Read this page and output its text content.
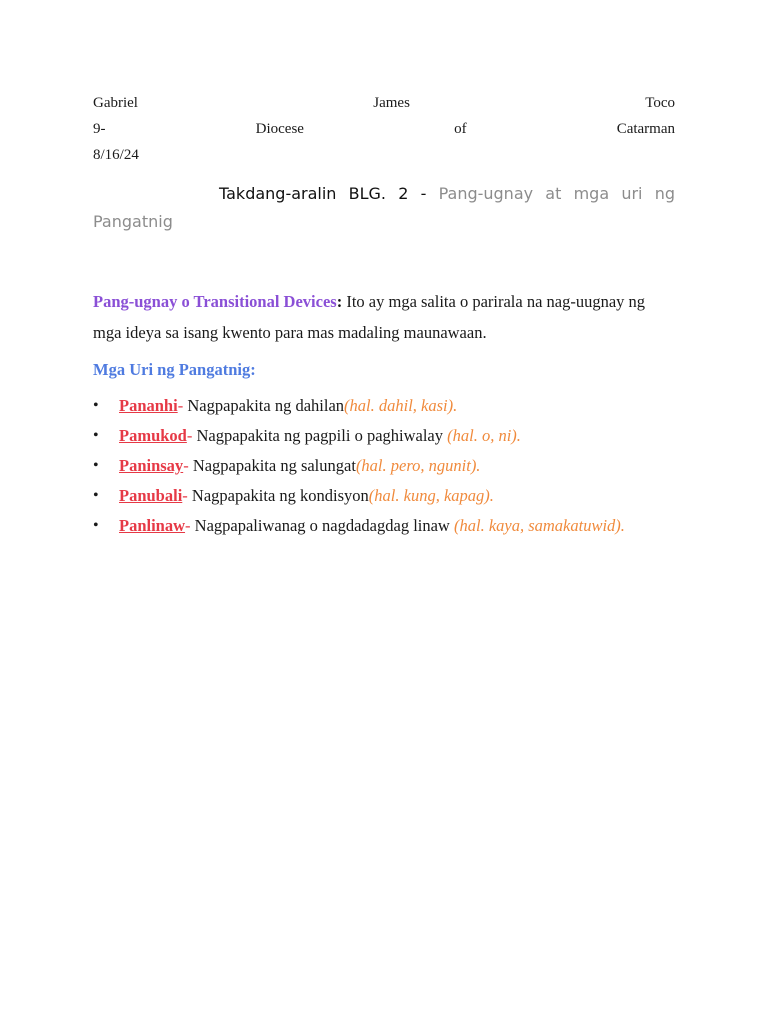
Gabriel	James	Toco
9-	Diocese	of	Catarman
8/16/24
Takdang-aralin BLG. 2 - Pang-ugnay at mga uri ng Pangatnig
Pang-ugnay o Transitional Devices: Ito ay mga salita o parirala na nag-uugnay ng mga ideya sa isang kwento para mas madaling maunawaan.
Mga Uri ng Pangatnig:
• Pananhi- Nagpapakita ng dahilan(hal. dahil, kasi).
• Pamukod- Nagpapakita ng pagpili o paghiwalay (hal. o, ni).
• Paninsay- Nagpapakita ng salungat(hal. pero, ngunit).
• Panubali- Nagpapakita ng kondisyon(hal. kung, kapag).
• Panlinaw- Nagpapaliwanag o nagdadagdag linaw (hal. kaya, samakatuwid).
